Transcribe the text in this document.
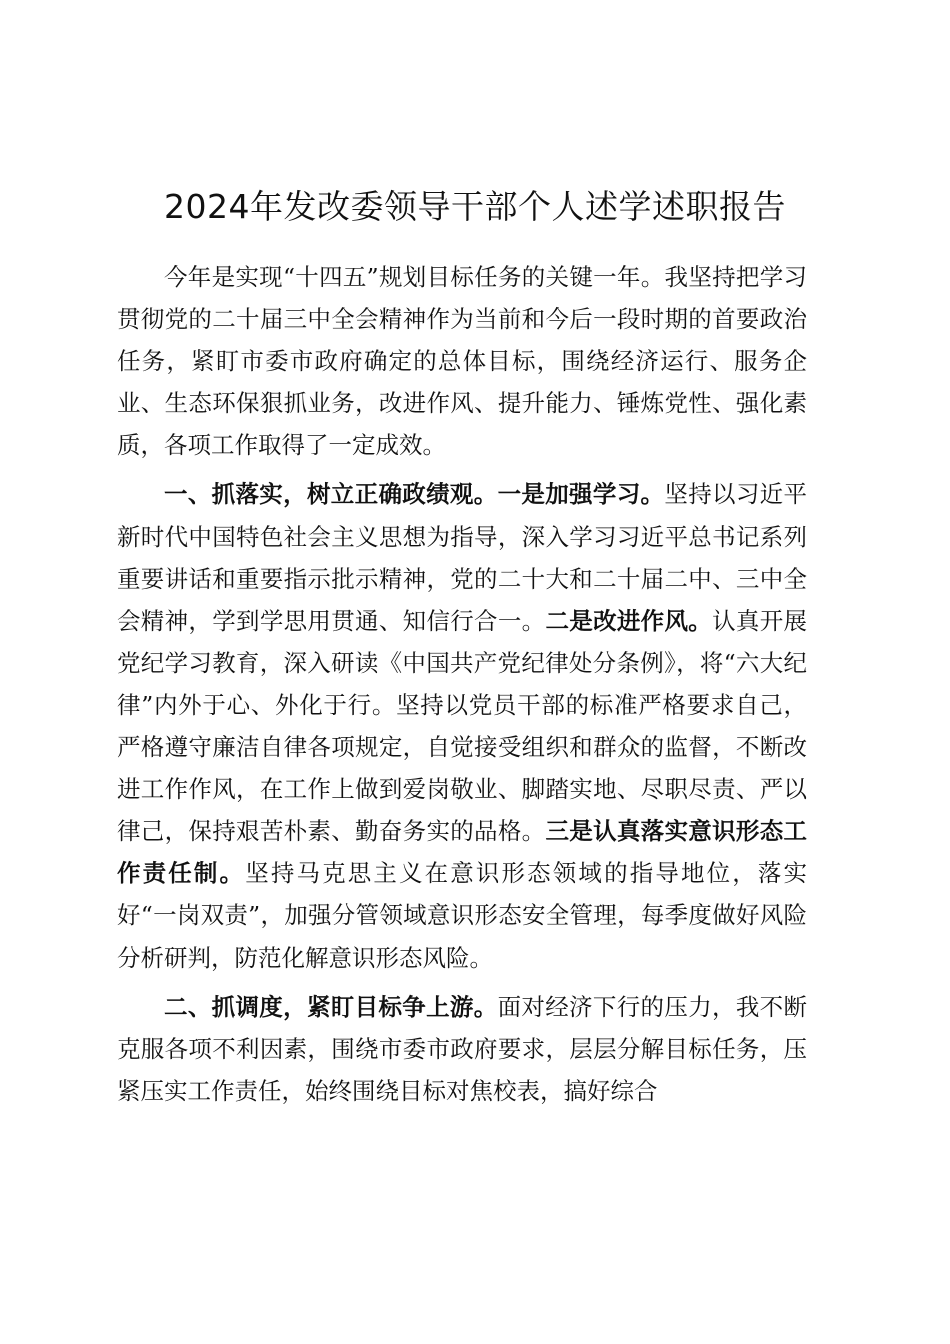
2024年发改委领导干部个人述学述职报告

今年是实现“十四五”规划目标任务的关键一年。我坚持把学习贯彻党的二十届三中全会精神作为当前和今后一段时期的首要政治任务，紧盯市委市政府确定的总体目标，围绕经济运行、服务企业、生态环保狠抓业务，改进作风、提升能力、锤炼党性、强化素质，各项工作取得了一定成效。

一、抓落实，树立正确政绩观。一是加强学习。坚持以习近平新时代中国特色社会主义思想为指导，深入学习习近平总书记系列重要讲话和重要指示批示精神，党的二十大和二十届二中、三中全会精神，学到学思用贯通、知信行合一。二是改进作风。认真开展党纪学习教育，深入研读《中国共产党纪律处分条例》，将“六大纪律”内外于心、外化于行。坚持以党员干部的标准严格要求自己，严格遵守廉洁自律各项规定，自觉接受组织和群众的监督，不断改进工作作风，在工作上做到爱岗敬业、脚踏实地、尽职尽责、严以律己，保持艰苦朴素、勤奋务实的品格。三是认真落实意识形态工作责任制。坚持马克思主义在意识形态领域的指导地位，落实好“一岗双责”，加强分管领域意识形态安全管理，每季度做好风险分析研判，防范化解意识形态风险。

二、抓调度，紧盯目标争上游。面对经济下行的压力，我不断克服各项不利因素，围绕市委市政府要求，层层分解目标任务，压紧压实工作责任，始终围绕目标对焦校表，搞好综合
